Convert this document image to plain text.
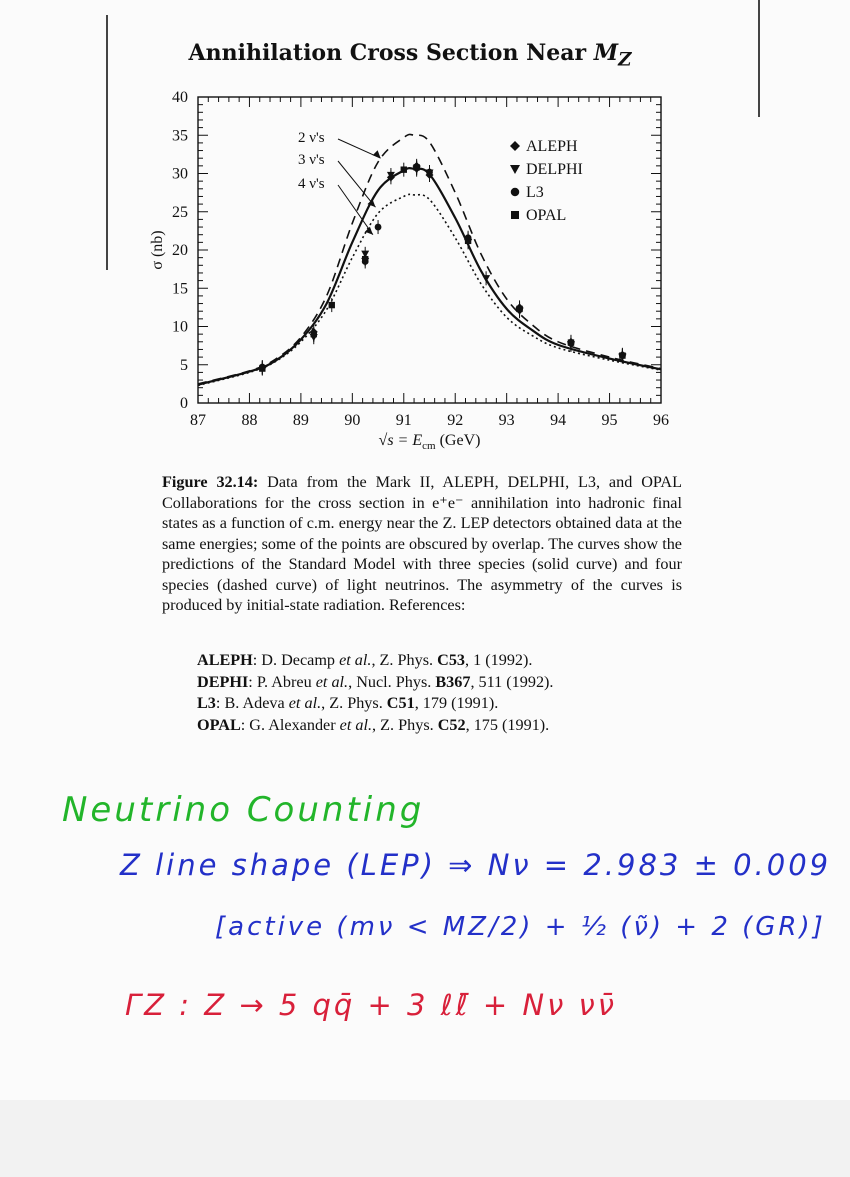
Annihilation Cross Section Near $M_Z$
87 88 89 90 91 92 93 94 95 96
0
5
10
15
20
25
30
35
40
$√s = E_{cm}$ (GeV)
σ (nb)
2 ν's
3 ν's
4 ν's
ALEPH
DELPHI
L3
OPAL
Figure 32.14: Data from the Mark II, ALEPH, DELPHI, L3, and OPAL Collaborations for the cross section in e⁺e⁻ annihilation into hadronic final states as a function of c.m. energy near the Z. LEP detectors obtained data at the same energies; some of the points are obscured by overlap. The curves show the predictions of the Standard Model with three species (solid curve) and four species (dashed curve) of light neutrinos. The asymmetry of the curves is produced by initial-state radiation. References:
ALEPH: D. Decamp et al., Z. Phys. C53, 1 (1992).
DEPHI: P. Abreu et al., Nucl. Phys. B367, 511 (1992).
L3: B. Adeva et al., Z. Phys. C51, 179 (1991).
OPAL: G. Alexander et al., Z. Phys. C52, 175 (1991).
Neutrino Counting
Z line shape (LEP) ⇒ Nν = 2.983 ± 0.009
[active (mν < MZ/2) + ½ (ν̃) + 2 (GR)]
ΓZ : Z → 5 qq̄ + 3 ℓℓ̄ + Nν νν̄
